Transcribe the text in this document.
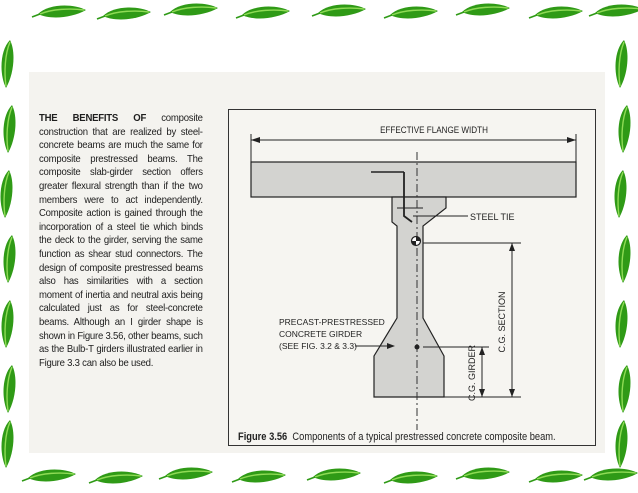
THE BENEFITS OF composite construction that are realized by steel-concrete beams are much the same for composite prestressed beams. The composite slab-girder section offers greater flexural strength than if the two members were to act independently. Composite action is gained through the incorporation of a steel tie which binds the deck to the girder, serving the same function as shear stud connectors. The design of composite prestressed beams also has similarities with a section moment of inertia and neutral axis being calculated just as for steel-concrete beams. Although an I girder shape is shown in Figure 3.56, other beams, such as the Bulb-T girders illustrated earlier in Figure 3.3 can also be used.
EFFECTIVE FLANGE WIDTH
STEEL TIE
C.G. GIRDER
C.G. SECTION
PRECAST-PRESTRESSED
CONCRETE GIRDER
(SEE FIG. 3.2 & 3.3)
Figure 3.56 Components of a typical prestressed concrete composite beam.
